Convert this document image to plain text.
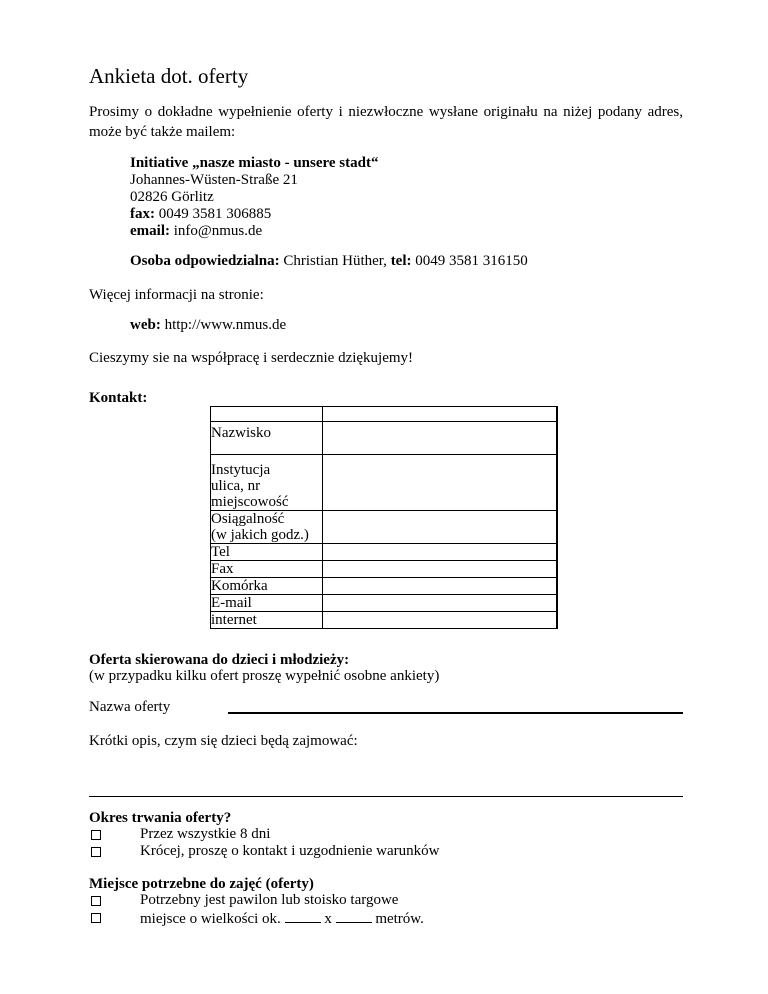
Ankieta dot. oferty
Prosimy o dokładne wypełnienie oferty i niezwłoczne wysłane originału na niżej podany adres, może być także mailem:
Initiative „nasze miasto - unsere stadt“
Johannes-Wüsten-Straße 21
02826 Görlitz
fax: 0049 3581 306885
email: info@nmus.de
Osoba odpowiedzialna: Christian Hüther, tel: 0049 3581 316150
Więcej informacji na stronie:
web: http://www.nmus.de
Cieszymy sie na współpracę i serdecznie dziękujemy!
Kontakt:

Nazwisko	

Instytucja
ulica, nr
miejscowość	

Osiągalność
(w jakich godz.)	

Tel	
Fax	
Komórka	
E-mail	
internet	
Oferta skierowana do dzieci i młodzieży:
(w przypadku kilku ofert proszę wypełnić osobne ankiety)
Nazwa oferty
Krótki opis, czym się dzieci będą zajmować:
Okres trwania oferty?
Przez wszystkie 8 dni
Krócej, proszę o kontakt i uzgodnienie warunków
Miejsce potrzebne do zajęć (oferty)
Potrzebny jest pawilon lub stoisko targowe
miejsce o wielkości ok.	x	metrów.
